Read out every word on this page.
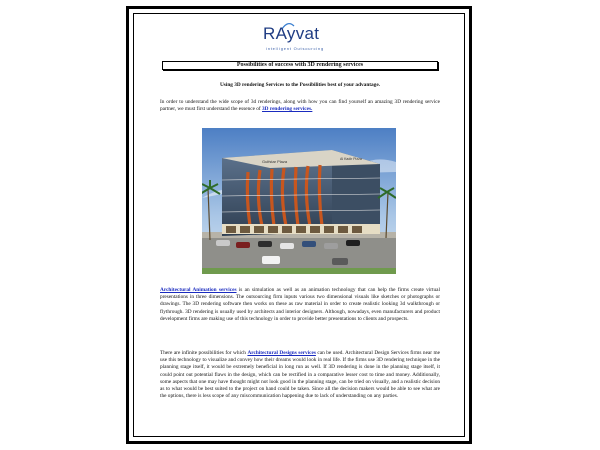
RAyvat
intelligent Outsourcing
Possibilities of success with 3D rendering services
Using 3D rendering Services to the Possibilities best of your advantage.

In order to understand the wide scope of 3d renderings, along with how you can find yourself an amazing 3D rendering service partner, we must first understand the essence of 3D rendering services.

Gulfstar Plaza	Al Kadir Pizza

Architectural Animation services is an simulation as well as an animation technology that can help the firms create virtual presentations in three dimensions. The outsourcing firm inputs various two dimensional visuals like sketches or photographs or drawings. The 3D rendering software then works on these as raw material in order to create realistic looking 3d walkthrough or flythrough. 3D rendering is usually used by architects and interior designers. Although, nowadays, even manufacturers and product development firms are making use of this technology in order to provide better presentations to clients and prospects.

There are infinite possibilities for which Architectural Designs services can be used. Architectural Design Services firms near me use this technology to visualize and convey how their dreams would look in real life. If the firms use 3D rendering technique in the planning stage itself, it would be extremely beneficial in long run as well. If 3D rendering is done in the planning stage itself, it could point out potential flaws in the design, which can be rectified in a comparative lesser cost to time and money. Additionally, some aspects that one may have thought might not look good in the planning stage, can be tried on visually, and a realistic decision as to what would be best suited to the project on hand could be taken. Since all the decision makers would be able to see what are the options, there is less scope of any miscommunication happening due to lack of understanding on any parties.
